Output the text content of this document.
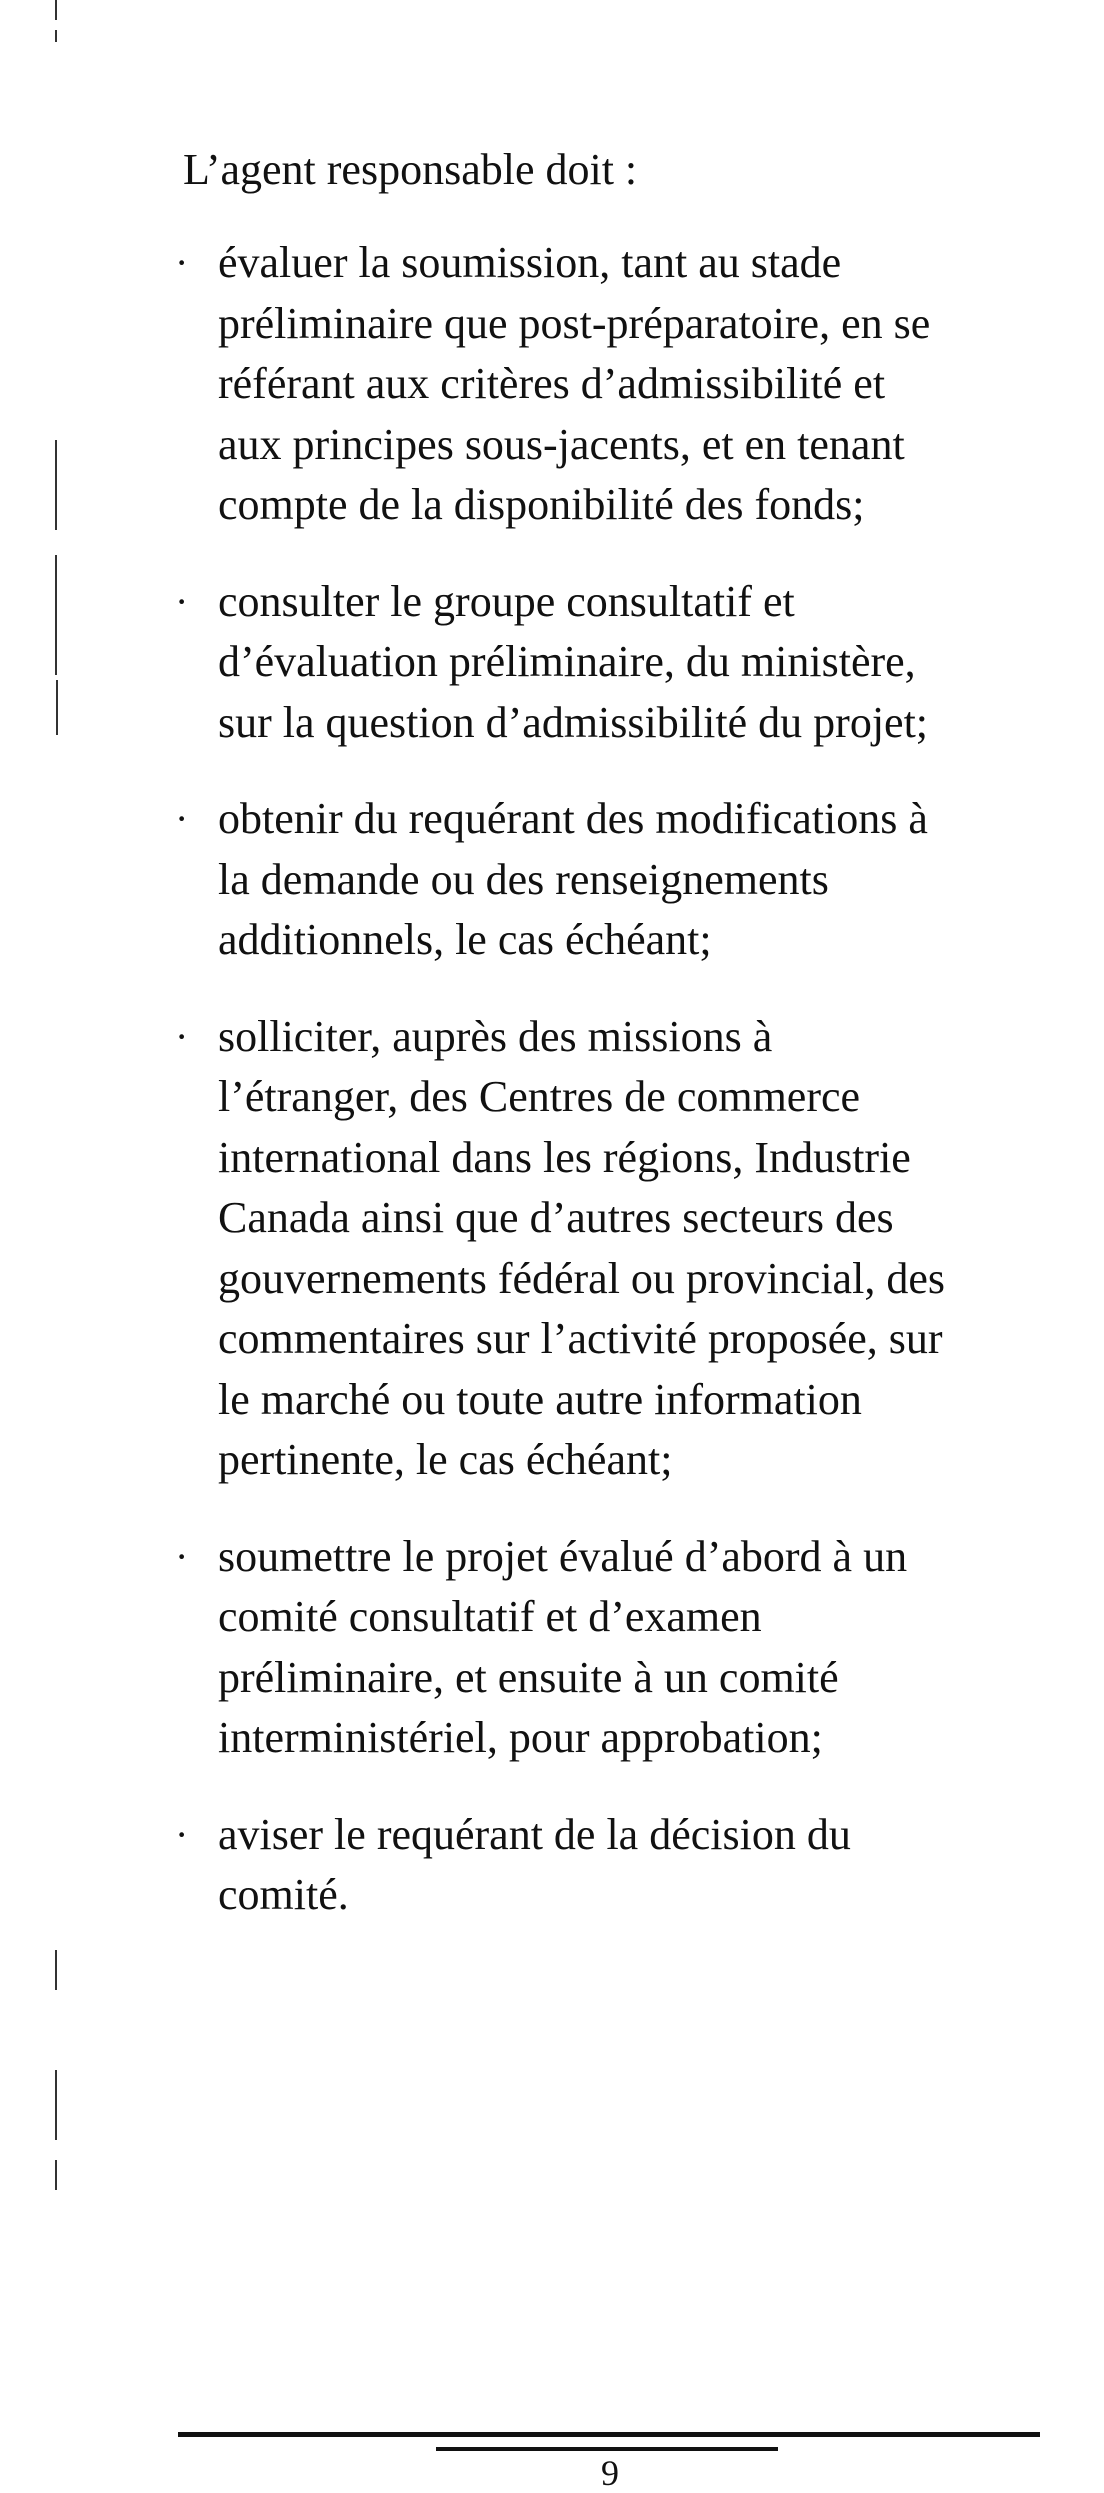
L’agent responsable doit :

· évaluer la soumission, tant au stade
préliminaire que post-préparatoire, en se
référant aux critères d’admissibilité et
aux principes sous-jacents, et en tenant
compte de la disponibilité des fonds;
· consulter le groupe consultatif et
d’évaluation préliminaire, du ministère,
sur la question d’admissibilité du projet;
· obtenir du requérant des modifications à
la demande ou des renseignements
additionnels, le cas échéant;
· solliciter, auprès des missions à
l’étranger, des Centres de commerce
international dans les régions, Industrie
Canada ainsi que d’autres secteurs des
gouvernements fédéral ou provincial, des
commentaires sur l’activité proposée, sur
le marché ou toute autre information
pertinente, le cas échéant;
· soumettre le projet évalué d’abord à un
comité consultatif et d’examen
préliminaire, et ensuite à un comité
interministériel, pour approbation;
· aviser le requérant de la décision du
comité.
9
